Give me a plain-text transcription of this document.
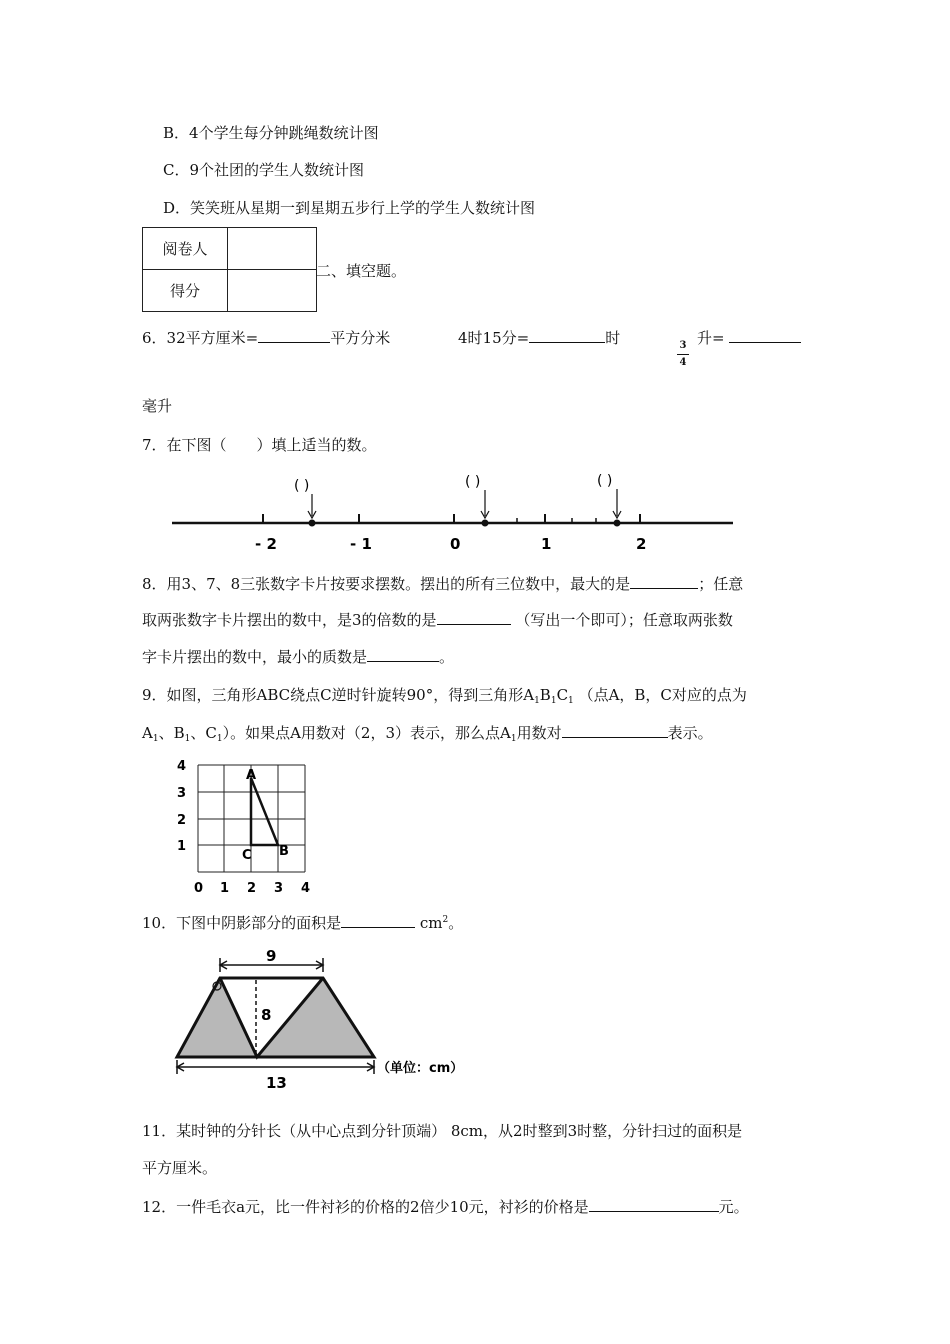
B．4个学生每分钟跳绳数统计图
C．9个社团的学生人数统计图
D．笑笑班从星期一到星期五步行上学的学生人数统计图
阅卷人	
得分	
二、填空题。
6．32平方厘米=	平方分米	4时15分=	时	3
4
升=
毫升
7．在下图（　　）填上适当的数。
- 2	- 1	0	1	2
( )	( )	( )
8．用3、7、8三张数字卡片按要求摆数。摆出的所有三位数中，最大的是	；任意
取两张数字卡片摆出的数中，是3的倍数的是	（写出一个即可）；任意取两张数
字卡片摆出的数中，最小的质数是	。
9．如图，三角形ABC绕点C逆时针旋转90°，得到三角形$A_1B_1C_1$ （点A，B，C对应的点为
$A_1$、$B_1$、$C_1$）。如果点A用数对（2，3）表示，那么点$A_1$用数对	表示。
A
B
C
0 1 2 3 4
1
2
3
4
10．下图中阴影部分的面积是	$cm^2$。
9
8
13
（单位：cm）
11．某时钟的分针长（从中心点到分针顶端） 8cm，从2时整到3时整，分针扫过的面积是
平方厘米。
12．一件毛衣a元，比一件衬衫的价格的2倍少10元，衬衫的价格是	元。
